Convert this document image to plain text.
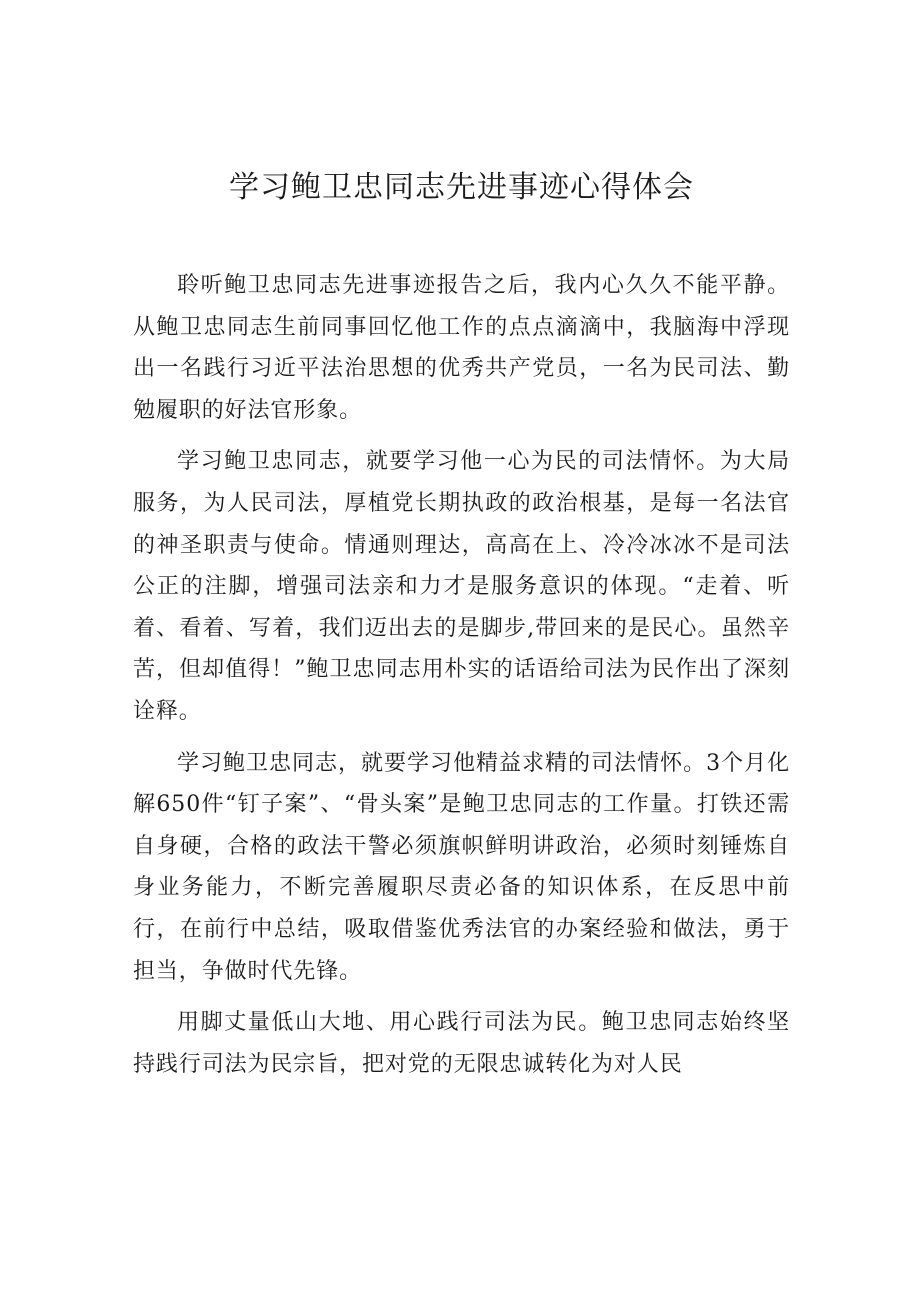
学习鲍卫忠同志先进事迹心得体会

聆听鲍卫忠同志先进事迹报告之后，我内心久久不能平静。从鲍卫忠同志生前同事回忆他工作的点点滴滴中，我脑海中浮现出一名践行习近平法治思想的优秀共产党员，一名为民司法、勤勉履职的好法官形象。

学习鲍卫忠同志，就要学习他一心为民的司法情怀。为大局服务，为人民司法，厚植党长期执政的政治根基，是每一名法官的神圣职责与使命。情通则理达，高高在上、冷冷冰冰不是司法公正的注脚，增强司法亲和力才是服务意识的体现。“走着、听着、看着、写着，我们迈出去的是脚步,带回来的是民心。虽然辛苦，但却值得！”鲍卫忠同志用朴实的话语给司法为民作出了深刻诠释。

学习鲍卫忠同志，就要学习他精益求精的司法情怀。3个月化解650件“钉子案”、“骨头案”是鲍卫忠同志的工作量。打铁还需自身硬，合格的政法干警必须旗帜鲜明讲政治，必须时刻锤炼自身业务能力，不断完善履职尽责必备的知识体系，在反思中前行，在前行中总结，吸取借鉴优秀法官的办案经验和做法，勇于担当，争做时代先锋。

用脚丈量低山大地、用心践行司法为民。鲍卫忠同志始终坚持践行司法为民宗旨，把对党的无限忠诚转化为对人民
